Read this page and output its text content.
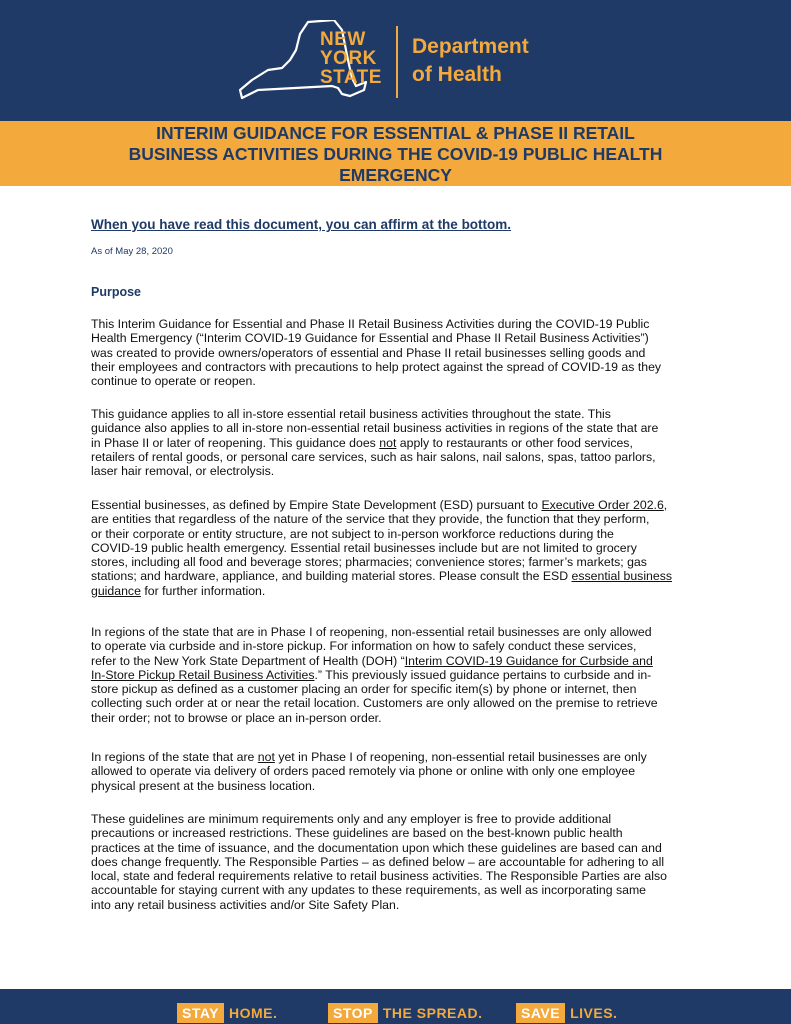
NEW
YORK
STATE
Department
of Health
INTERIM GUIDANCE FOR ESSENTIAL & PHASE II RETAIL
BUSINESS ACTIVITIES DURING THE COVID-19 PUBLIC HEALTH
EMERGENCY
When you have read this document, you can affirm at the bottom.
As of May 28, 2020
Purpose
This Interim Guidance for Essential and Phase II Retail Business Activities during the COVID-19 Public
Health Emergency (“Interim COVID-19 Guidance for Essential and Phase II Retail Business Activities”)
was created to provide owners/operators of essential and Phase II retail businesses selling goods and
their employees and contractors with precautions to help protect against the spread of COVID-19 as they
continue to operate or reopen.
This guidance applies to all in-store essential retail business activities throughout the state. This
guidance also applies to all in-store non-essential retail business activities in regions of the state that are
in Phase II or later of reopening. This guidance does not apply to restaurants or other food services,
retailers of rental goods, or personal care services, such as hair salons, nail salons, spas, tattoo parlors,
laser hair removal, or electrolysis.
Essential businesses, as defined by Empire State Development (ESD) pursuant to Executive Order 202.6,
are entities that regardless of the nature of the service that they provide, the function that they perform,
or their corporate or entity structure, are not subject to in-person workforce reductions during the
COVID-19 public health emergency. Essential retail businesses include but are not limited to grocery
stores, including all food and beverage stores; pharmacies; convenience stores; farmer’s markets; gas
stations; and hardware, appliance, and building material stores. Please consult the ESD essential business
guidance for further information.
In regions of the state that are in Phase I of reopening, non-essential retail businesses are only allowed
to operate via curbside and in-store pickup. For information on how to safely conduct these services,
refer to the New York State Department of Health (DOH) “Interim COVID-19 Guidance for Curbside and
In-Store Pickup Retail Business Activities.” This previously issued guidance pertains to curbside and in-
store pickup as defined as a customer placing an order for specific item(s) by phone or internet, then
collecting such order at or near the retail location. Customers are only allowed on the premise to retrieve
their order; not to browse or place an in-person order.
In regions of the state that are not yet in Phase I of reopening, non-essential retail businesses are only
allowed to operate via delivery of orders paced remotely via phone or online with only one employee
physical present at the business location.
These guidelines are minimum requirements only and any employer is free to provide additional
precautions or increased restrictions. These guidelines are based on the best-known public health
practices at the time of issuance, and the documentation upon which these guidelines are based can and
does change frequently. The Responsible Parties – as defined below – are accountable for adhering to all
local, state and federal requirements relative to retail business activities. The Responsible Parties are also
accountable for staying current with any updates to these requirements, as well as incorporating same
into any retail business activities and/or Site Safety Plan.
STAY HOME.	STOP THE SPREAD.	SAVE LIVES.
